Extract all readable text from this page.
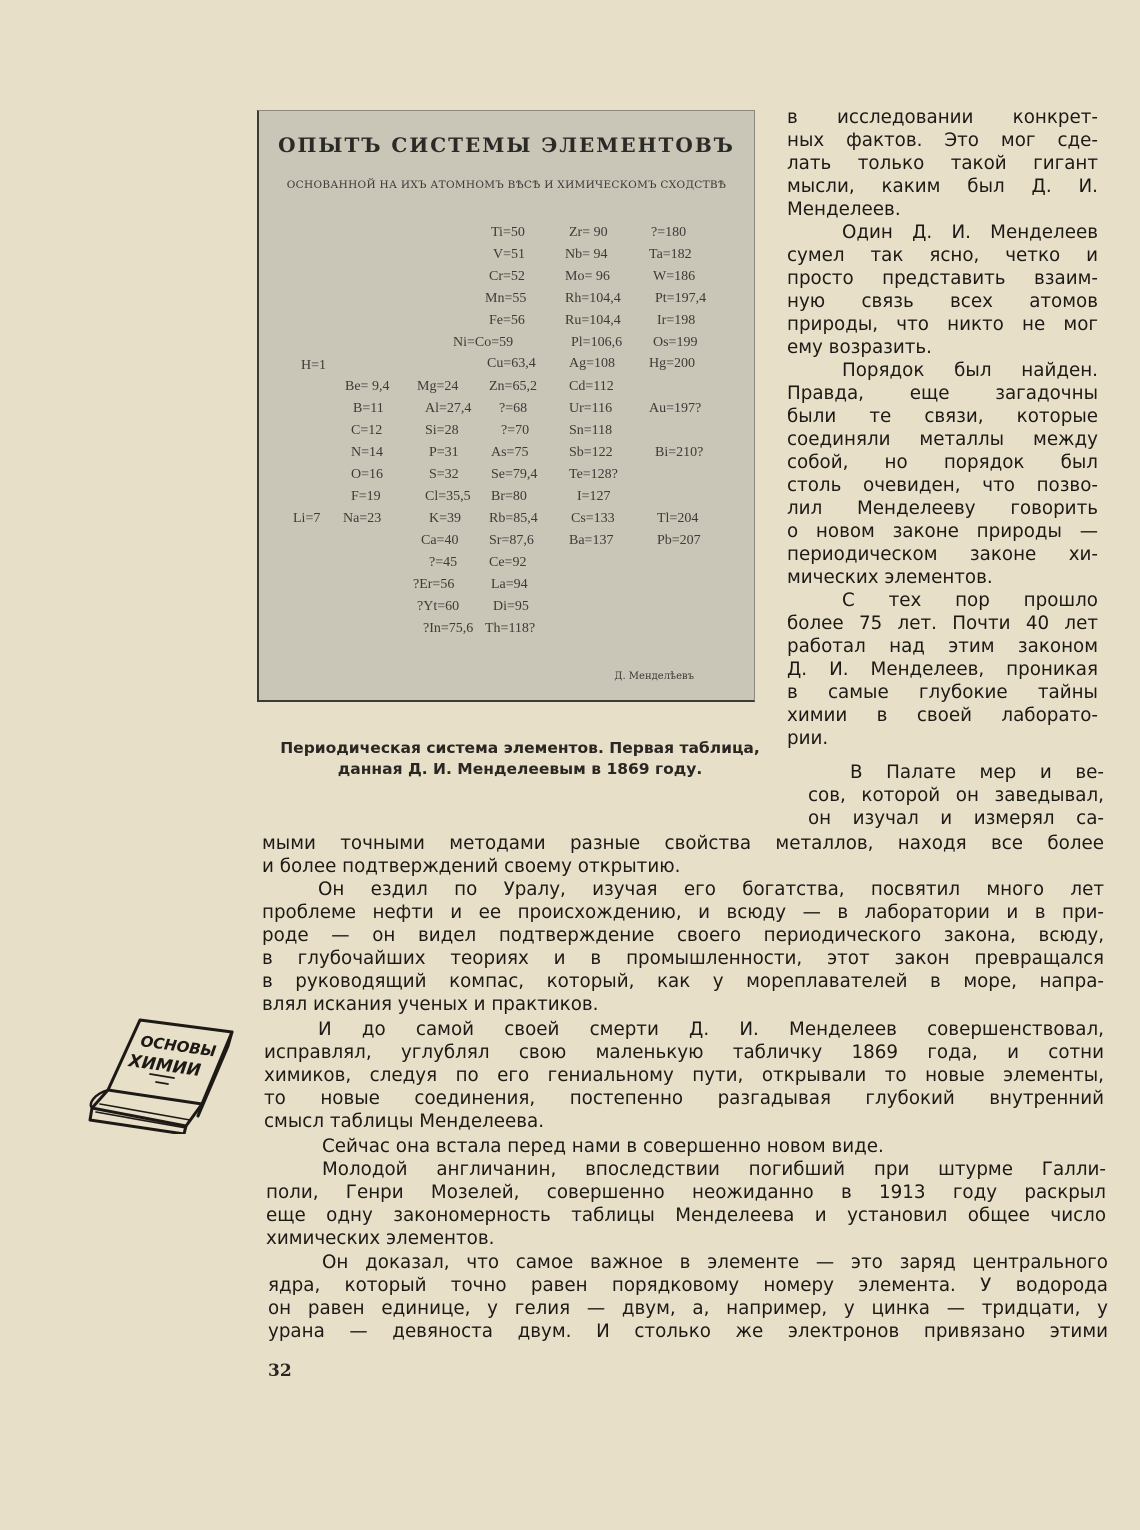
ОПЫТЪ СИСТЕМЫ ЭЛЕМЕНТОВЪ
ОСНОВАННОЙ НА ИХЪ АТОМНОМЪ ВѢСѢ И ХИМИЧЕСКОМЪ СХОДСТВѢ
Ti=50	Zr= 90	?=180
V=51	Nb= 94	Ta=182
Cr=52	Mo= 96	W=186
Mn=55	Rh=104,4 Pt=197,4
Fe=56	Ru=104,4	Ir=198
Ni=Co=59	Pl=106,6 Os=199
H=1	Cu=63,4 Ag=108 Hg=200
Be= 9,4 Mg=24 Zn=65,2 Cd=112
B=11	Al=27,4 ?=68	Ur=116	Au=197?
C=12	Si=28	?=70	Sn=118
N=14	P=31 As=75	Sb=122	Bi=210?
O=16	S=32 Se=79,4 Te=128?
F=19	Cl=35,5 Br=80	I=127
Li=7 Na=23	K=39 Rb=85,4 Cs=133	Tl=204
Ca=40 Sr=87,6	Ba=137	Pb=207
?=45 Ce=92
?Er=56	La=94
?Yt=60 Di=95
?In=75,6 Th=118?
Д. Менделѣевъ
Периодическая система элементов. Первая таблица,
данная Д. И. Менделеевым в 1869 году.
в исследовании конкрет-
ных фактов. Это мог сде-
лать только такой гигант
мысли, каким был Д. И.
Менделеев.
Один Д. И. Менделеев
сумел так ясно, четко и
просто представить взаим-
ную связь всех атомов
природы, что никто не мог
ему возразить.
Порядок был найден.
Правда, еще загадочны
были те связи, которые
соединяли металлы между
собой, но порядок был
столь очевиден, что позво-
лил Менделееву говорить
о новом законе природы —
периодическом законе хи-
мических элементов.
С тех пор прошло
более 75 лет. Почти 40 лет
работал над этим законом
Д. И. Менделеев, проникая
в самые глубокие тайны
химии в своей лаборато-
рии.
В Палате мер и ве-
сов, которой он заведывал,
он изучал и измерял са-
мыми точными методами разные свойства металлов, находя все более
и более подтверждений своему открытию.
Он ездил по Уралу, изучая его богатства, посвятил много лет
проблеме нефти и ее происхождению, и всюду — в лаборатории и в при-
роде — он видел подтверждение своего периодического закона, всюду,
в глубочайших теориях и в промышленности, этот закон превращался
в руководящий компас, который, как у мореплавателей в море, напра-
влял искания ученых и практиков.
И до самой своей смерти Д. И. Менделеев совершенствовал,
исправлял, углублял свою маленькую табличку 1869 года, и сотни
химиков, следуя по его гениальному пути, открывали то новые элементы,
то новые соединения, постепенно разгадывая глубокий внутренний
смысл таблицы Менделеева.
Сейчас она встала перед нами в совершенно новом виде.
Молодой англичанин, впоследствии погибший при штурме Галли-
поли, Генри Мозелей, совершенно неожиданно в 1913 году раскрыл
еще одну закономерность таблицы Менделеева и установил общее число
химических элементов.
Он доказал, что самое важное в элементе — это заряд центрального
ядра, который точно равен порядковому номеру элемента. У водорода
он равен единице, у гелия — двум, а, например, у цинка — тридцати, у
урана — девяноста двум. И столько же электронов привязано этими
ОСНОВЫ
ХИМИИ
32
